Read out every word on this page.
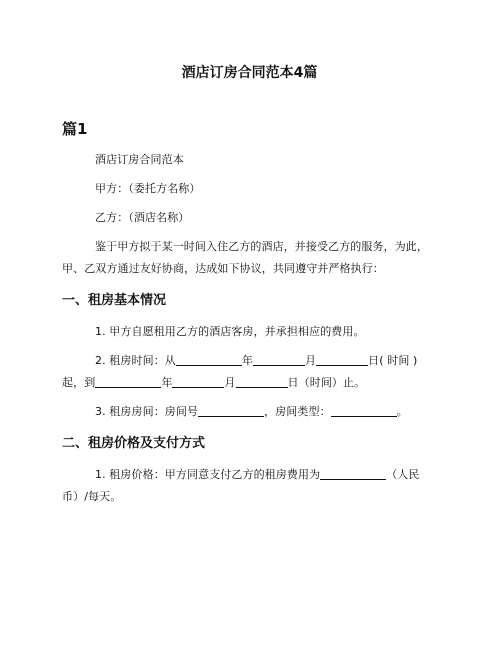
酒店订房合同范本4篇
篇1

酒店订房合同范本

甲方：（委托方名称）

乙方：（酒店名称）

鉴于甲方拟于某一时间入住乙方的酒店，并接受乙方的服务，为此，甲、乙双方通过友好协商，达成如下协议，共同遵守并严格执行：

一、租房基本情况

1. 甲方自愿租用乙方的酒店客房，并承担相应的费用。

2. 租房时间：从	年	月	日( 时间 )起，到	年	月	日（时间）止。

3. 租房房间：房间号	，房间类型：	。

二、租房价格及支付方式

1. 租房价格：甲方同意支付乙方的租房费用为	（人民币）/每天。
